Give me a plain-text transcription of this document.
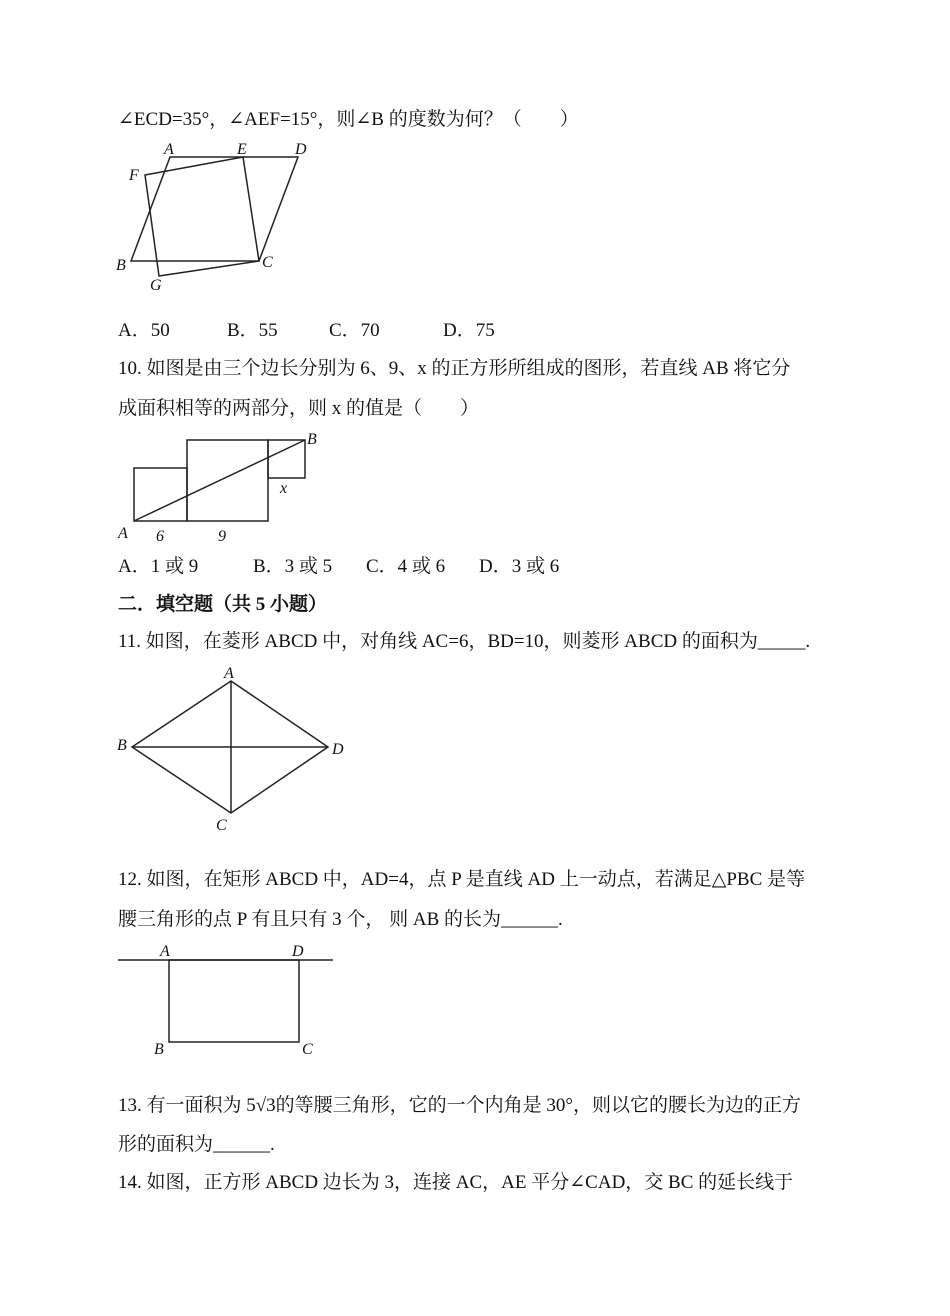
∠ECD=35°，∠AEF=15°，则∠B 的度数为何？（　　）
A	E	D
F
B
G
C
A．50	B．55	C．70	D．75
10. 如图是由三个边长分别为 6、9、x 的正方形所组成的图形，若直线 AB 将它分
成面积相等的两部分，则 x 的值是（　　）
A
B
x
6	9
A．1 或 9	B．3 或 5 C．4 或 6 D．3 或 6
二．填空题（共 5 小题）
11. 如图，在菱形 ABCD 中，对角线 AC=6，BD=10，则菱形 ABCD 的面积为_____.
A
B	D
C
12. 如图，在矩形 ABCD 中，AD=4，点 P 是直线 AD 上一动点，若满足△PBC 是等
腰三角形的点 P 有且只有 3 个， 则 AB 的长为______.
A	D
B	C
13. 有一面积为 5√3的等腰三角形，它的一个内角是 30°，则以它的腰长为边的正方
形的面积为______.
14. 如图，正方形 ABCD 边长为 3，连接 AC，AE 平分∠CAD，交 BC 的延长线于
